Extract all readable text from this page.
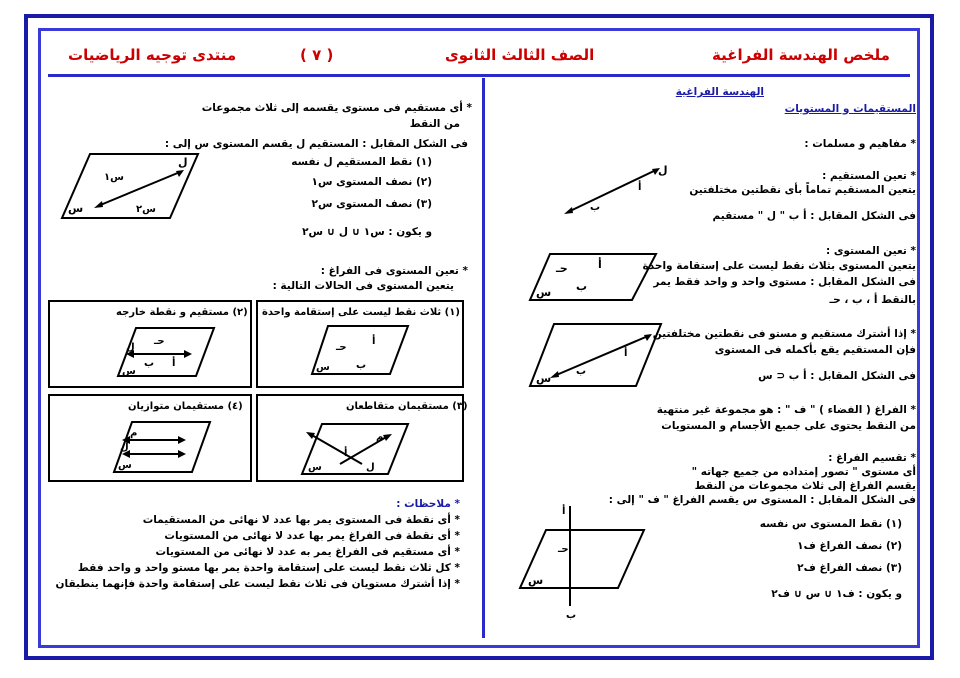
منتدى توجيه الرياضيات	( ٧ )	الصف الثالث الثانوى	ملخص الهندسة الفراغية
الهندسة الفراغية
المستقيمات و المستويات
* مفاهيم و مسلمات :
* تعين المستقيم :
يتعين المستقيم تماماً بأى نقطتين مختلفتين
فى الشكل المقابل : أ ب " ل " مستقيم
* تعين المستوى :
يتعين المستوى بثلاث نقط ليست على إستقامة واحدة
فى الشكل المقابل : مستوى واحد و واحد فقط يمر
بالنقط أ ، ب ، حـ
* إذا أشترك مستقيم و مستو فى نقطتين مختلفتين
فإن المستقيم يقع بأكمله فى المستوى
فى الشكل المقابل : أ ب ⊂ س
* الفراغ ( الفضاء ) " ف " : هو مجموعة غير منتهية
من النقط يحتوى على جميع الأجسام و المستويات
* تقسيم الفراغ :
أى مستوى " تصور إمتداده من جميع جهاته "
يقسم الفراغ إلى ثلاث مجموعات من النقط
فى الشكل المقابل : المستوى س يقسم الفراغ " ف " إلى :
(١) نقط المستوى س نفسه
(٢) نصف الفراغ ف١
(٣) نصف الفراغ ف٢
و يكون : ف١ ∪ س ∪ ف٢
ل
أ
ب
أ
حـ
ب
س
أ
ب
س
أ
حـ
ب
س
* أى مستقيم فى مستوى يقسمه إلى ثلاث مجموعات
من النقط
فى الشكل المقابل : المستقيم ل يقسم المستوى س إلى :
(١) نقط المستقيم ل نفسه
(٢) نصف المستوى س١
(٣) نصف المستوى س٢
و يكون : س١ ∪ ل ∪ س٢
ل
س١
س٢
س
* تعين المستوى فى الفراغ :
يتعين المستوى فى الحالات التالية :
(١) ثلاث نقط ليست على إستقامة واحدة
أ
حـ
ب
س
(٢) مستقيم و نقطة خارجه
ل
حـ
ب أ
س
(٣) مستقيمان متقاطعان
ل
م
أ
س
(٤) مستقيمان متوازيان
ل
م
س
* ملاحظات :
* أى نقطة فى المستوى يمر بها عدد لا نهائى من المستقيمات
* أى نقطة فى الفراغ يمر بها عدد لا نهائى من المستويات
* أى مستقيم فى الفراغ يمر به عدد لا نهائى من المستويات
* كل ثلاث نقط ليست على إستقامة واحدة يمر بها مستو واحد و واحد فقط
* إذا أشترك مستويان فى ثلاث نقط ليست على إستقامة واحدة فإنهما ينطبقان
